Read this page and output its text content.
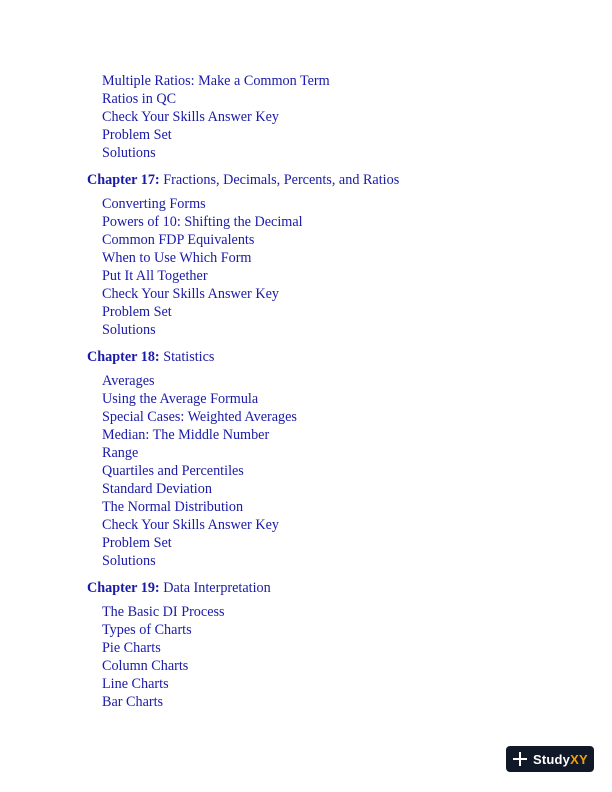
Multiple Ratios: Make a Common Term
Ratios in QC
Check Your Skills Answer Key
Problem Set
Solutions
Chapter 17: Fractions, Decimals, Percents, and Ratios
Converting Forms
Powers of 10: Shifting the Decimal
Common FDP Equivalents
When to Use Which Form
Put It All Together
Check Your Skills Answer Key
Problem Set
Solutions
Chapter 18: Statistics
Averages
Using the Average Formula
Special Cases: Weighted Averages
Median: The Middle Number
Range
Quartiles and Percentiles
Standard Deviation
The Normal Distribution
Check Your Skills Answer Key
Problem Set
Solutions
Chapter 19: Data Interpretation
The Basic DI Process
Types of Charts
Pie Charts
Column Charts
Line Charts
Bar Charts
StudyXY
